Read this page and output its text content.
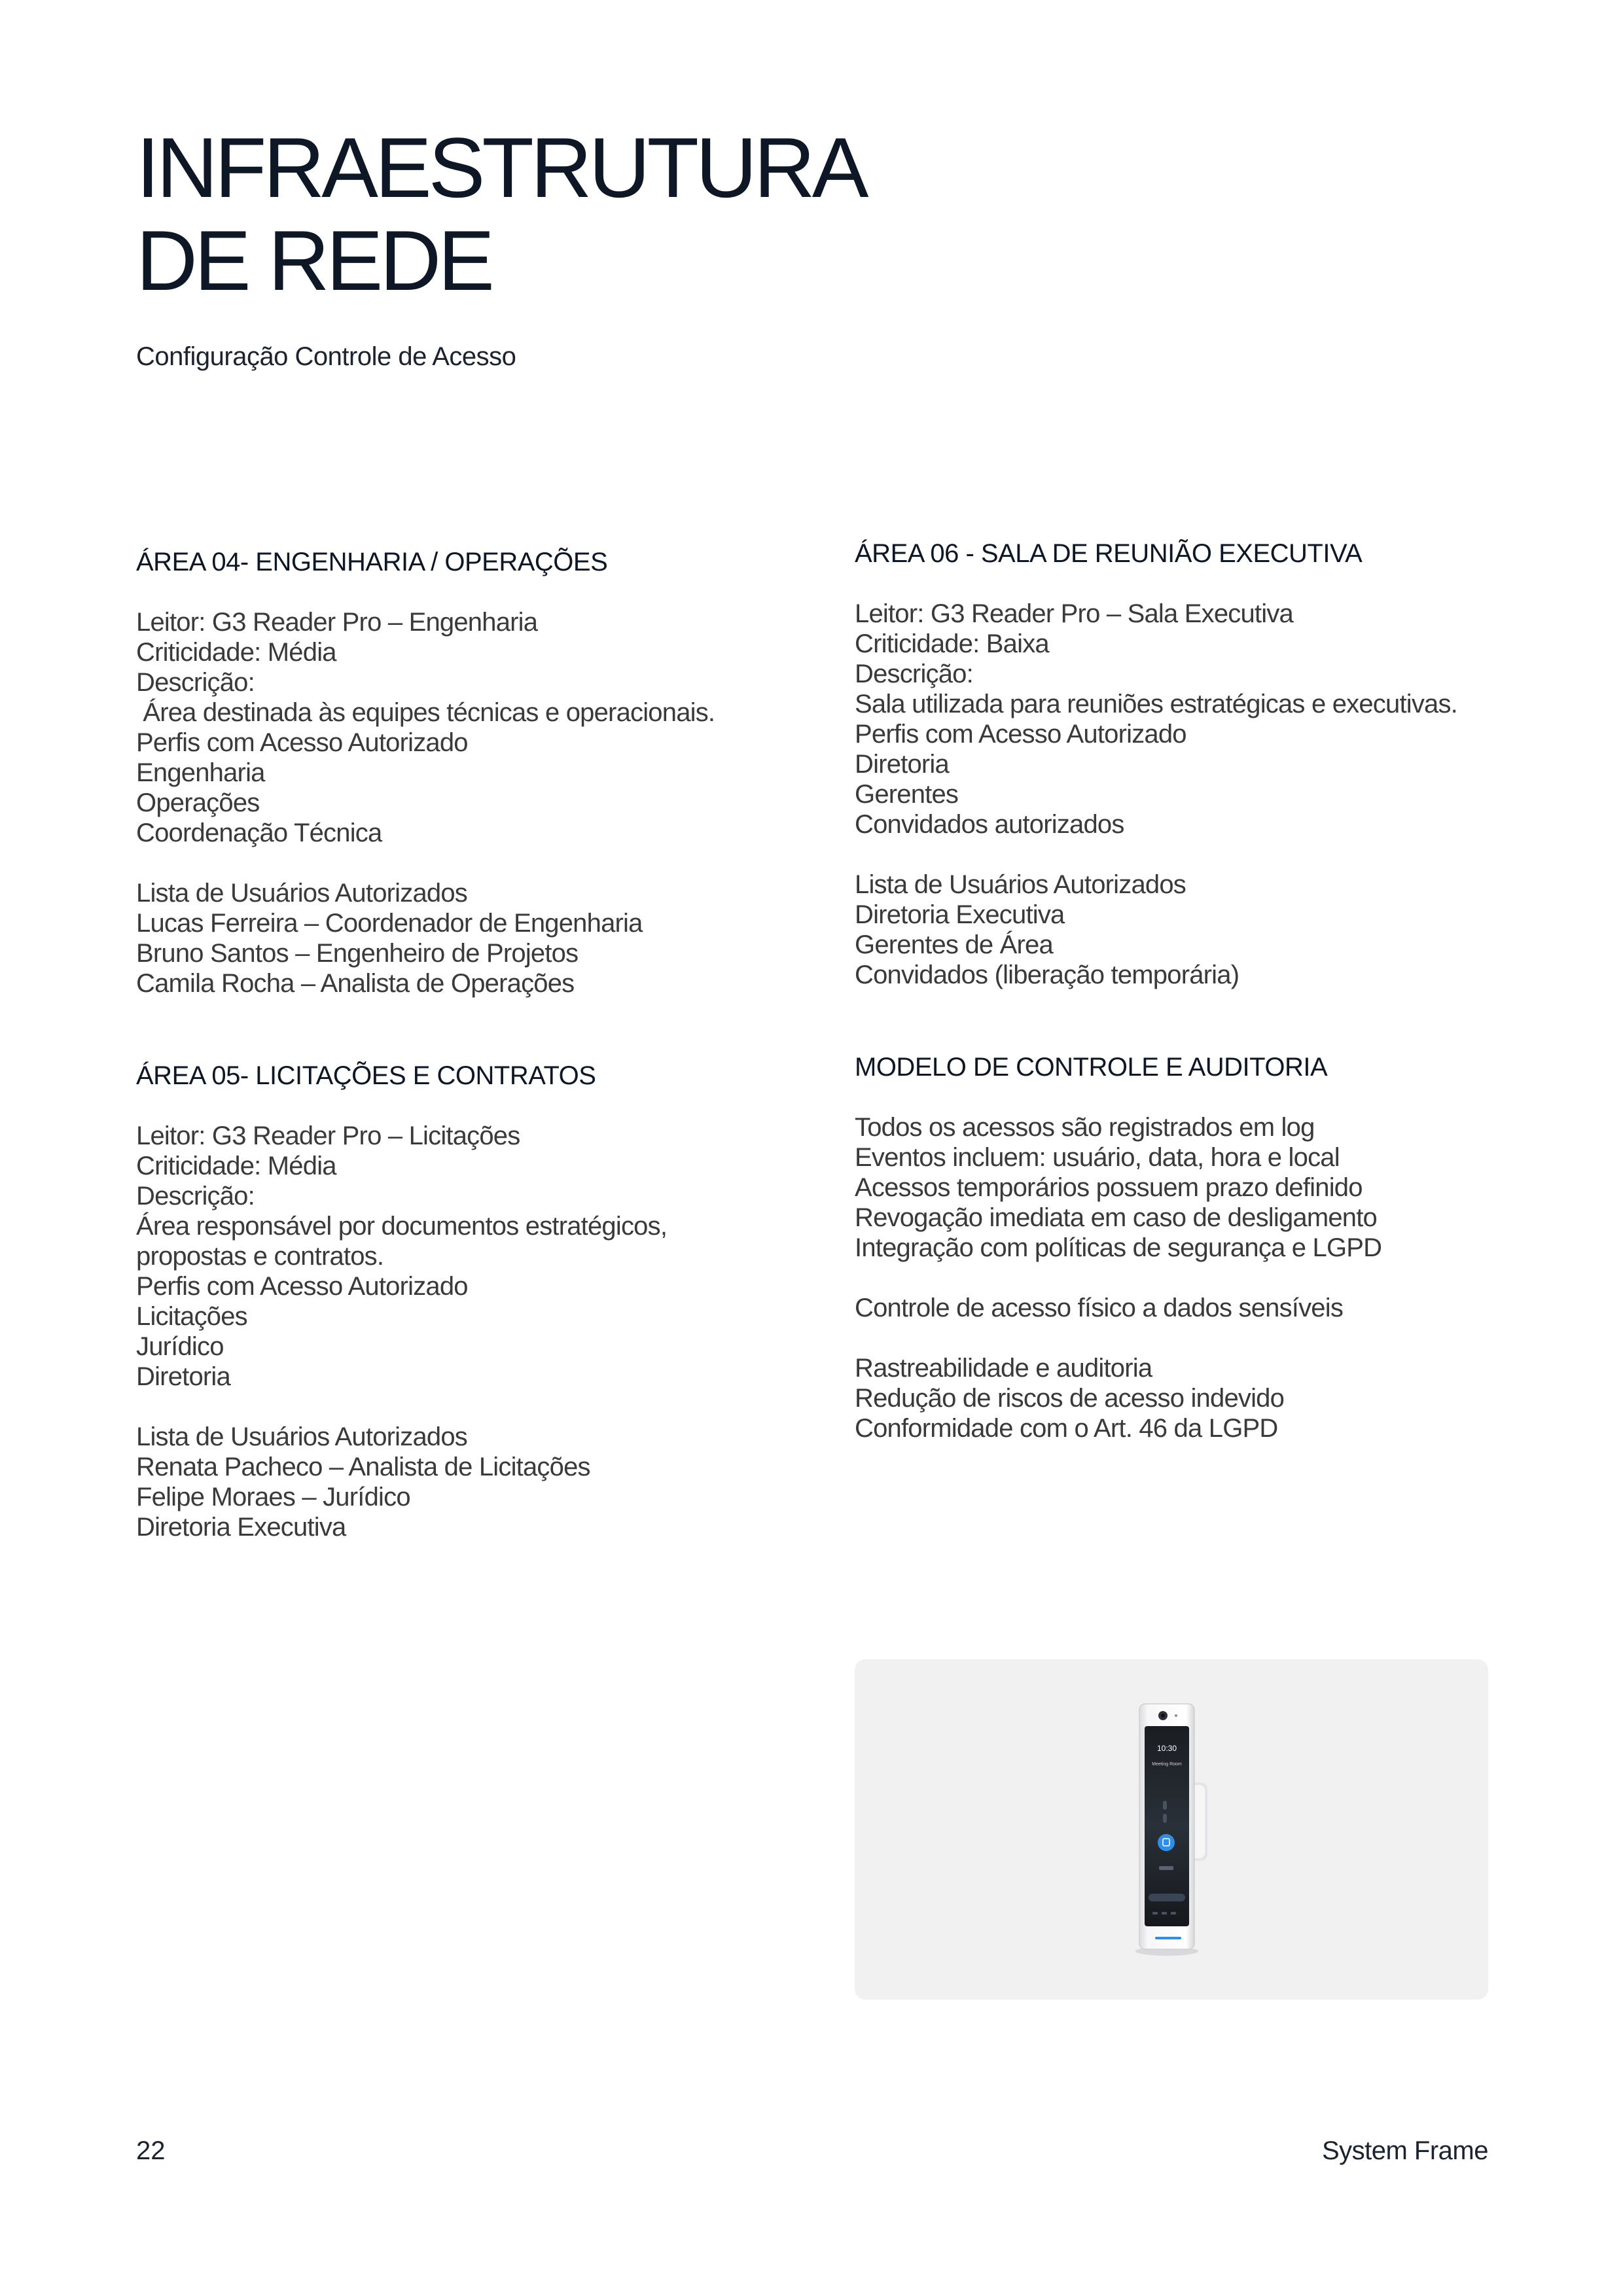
INFRAESTRUTURA
DE REDE
Configuração Controle de Acesso
ÁREA 04- ENGENHARIA / OPERAÇÕES
Leitor: G3 Reader Pro – Engenharia
Criticidade: Média
Descrição:
Área destinada às equipes técnicas e operacionais.
Perfis com Acesso Autorizado
Engenharia
Operações
Coordenação Técnica
Lista de Usuários Autorizados
Lucas Ferreira – Coordenador de Engenharia
Bruno Santos – Engenheiro de Projetos
Camila Rocha – Analista de Operações
ÁREA 05- LICITAÇÕES E CONTRATOS
Leitor: G3 Reader Pro – Licitações
Criticidade: Média
Descrição:
Área responsável por documentos estratégicos,
propostas e contratos.
Perfis com Acesso Autorizado
Licitações
Jurídico
Diretoria
Lista de Usuários Autorizados
Renata Pacheco – Analista de Licitações
Felipe Moraes – Jurídico
Diretoria Executiva
ÁREA 06 - SALA DE REUNIÃO EXECUTIVA
Leitor: G3 Reader Pro – Sala Executiva
Criticidade: Baixa
Descrição:
Sala utilizada para reuniões estratégicas e executivas.
Perfis com Acesso Autorizado
Diretoria
Gerentes
Convidados autorizados
Lista de Usuários Autorizados
Diretoria Executiva
Gerentes de Área
Convidados (liberação temporária)
MODELO DE CONTROLE E AUDITORIA
Todos os acessos são registrados em log
Eventos incluem: usuário, data, hora e local
Acessos temporários possuem prazo definido
Revogação imediata em caso de desligamento
Integração com políticas de segurança e LGPD
Controle de acesso físico a dados sensíveis
Rastreabilidade e auditoria
Redução de riscos de acesso indevido
Conformidade com o Art. 46 da LGPD
10:30
Meeting Room
22	System Frame
